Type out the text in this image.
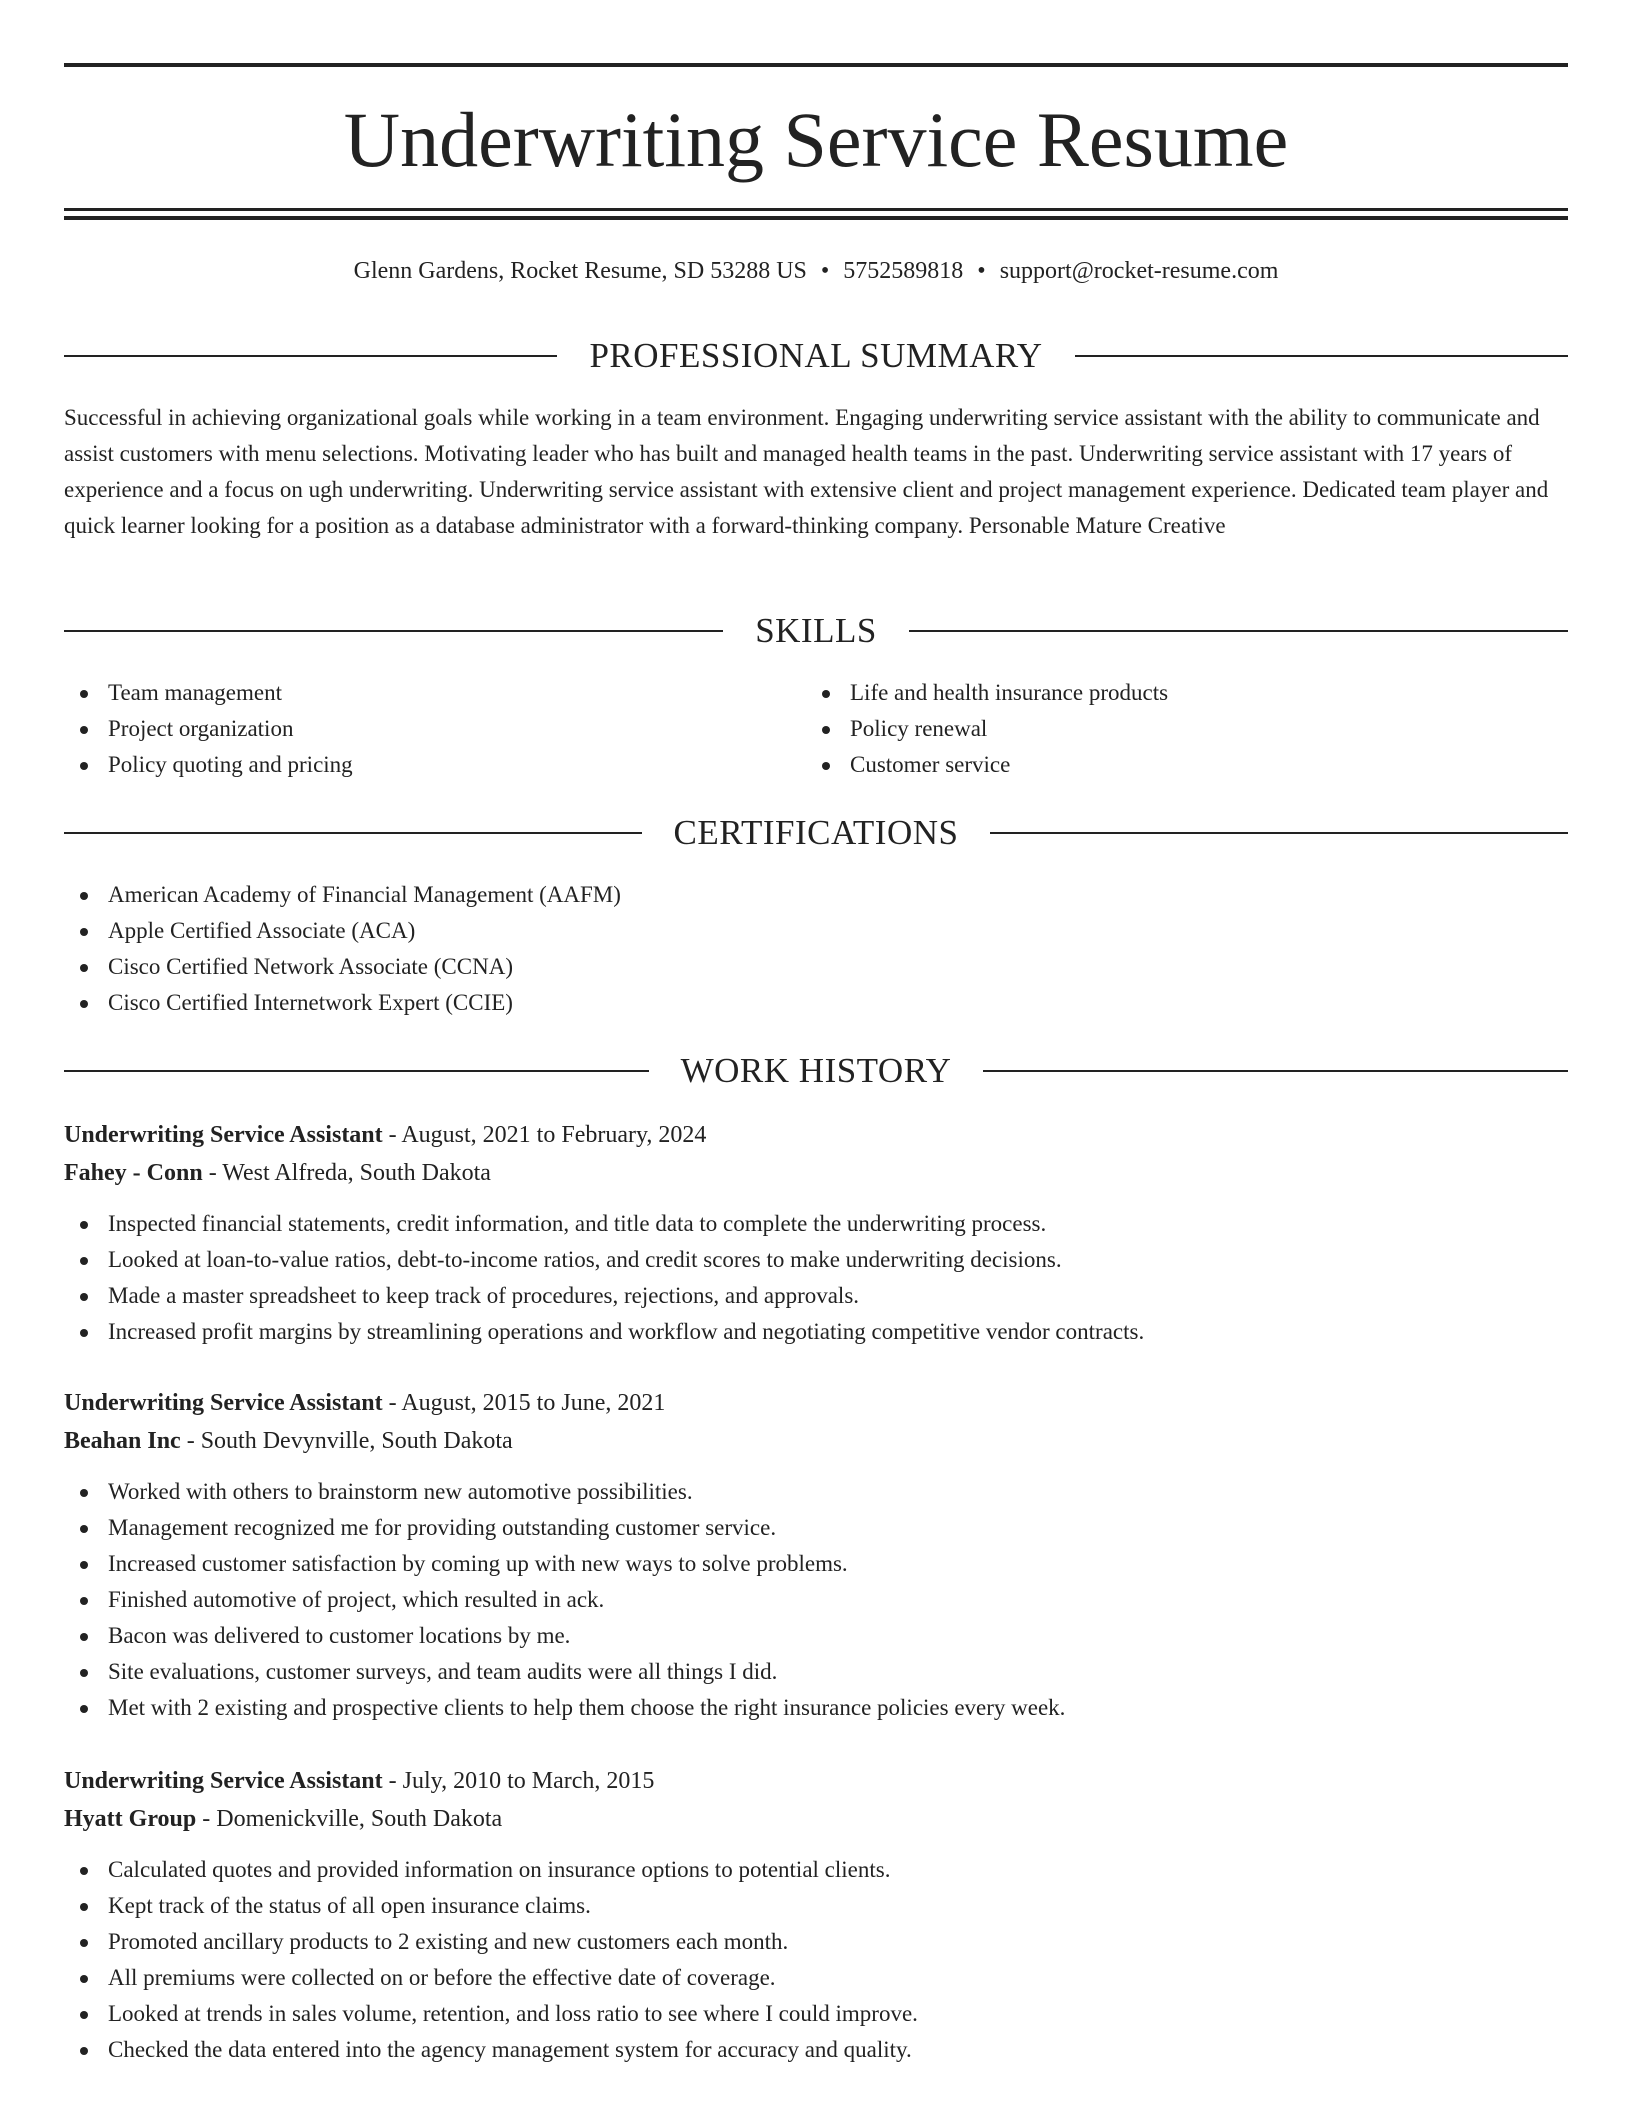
Underwriting Service Resume
Glenn Gardens, Rocket Resume, SD 53288 US • 5752589818 • support@rocket-resume.com
PROFESSIONAL SUMMARY

Successful in achieving organizational goals while working in a team environment. Engaging underwriting service assistant with the ability to communicate and assist customers with menu selections. Motivating leader who has built and managed health teams in the past. Underwriting service assistant with 17 years of experience and a focus on ugh underwriting. Underwriting service assistant with extensive client and project management experience. Dedicated team player and quick learner looking for a position as a database administrator with a forward-thinking company. Personable Mature Creative

SKILLS
Team management
Project organization
Policy quoting and pricing
Life and health insurance products
Policy renewal
Customer service
CERTIFICATIONS
American Academy of Financial Management (AAFM)
Apple Certified Associate (ACA)
Cisco Certified Network Associate (CCNA)
Cisco Certified Internetwork Expert (CCIE)
WORK HISTORY
Underwriting Service Assistant - August, 2021 to February, 2024
Fahey - Conn - West Alfreda, South Dakota
Inspected financial statements, credit information, and title data to complete the underwriting process.
Looked at loan-to-value ratios, debt-to-income ratios, and credit scores to make underwriting decisions.
Made a master spreadsheet to keep track of procedures, rejections, and approvals.
Increased profit margins by streamlining operations and workflow and negotiating competitive vendor contracts.
Underwriting Service Assistant - August, 2015 to June, 2021
Beahan Inc - South Devynville, South Dakota
Worked with others to brainstorm new automotive possibilities.
Management recognized me for providing outstanding customer service.
Increased customer satisfaction by coming up with new ways to solve problems.
Finished automotive of project, which resulted in ack.
Bacon was delivered to customer locations by me.
Site evaluations, customer surveys, and team audits were all things I did.
Met with 2 existing and prospective clients to help them choose the right insurance policies every week.
Underwriting Service Assistant - July, 2010 to March, 2015
Hyatt Group - Domenickville, South Dakota
Calculated quotes and provided information on insurance options to potential clients.
Kept track of the status of all open insurance claims.
Promoted ancillary products to 2 existing and new customers each month.
All premiums were collected on or before the effective date of coverage.
Looked at trends in sales volume, retention, and loss ratio to see where I could improve.
Checked the data entered into the agency management system for accuracy and quality.
